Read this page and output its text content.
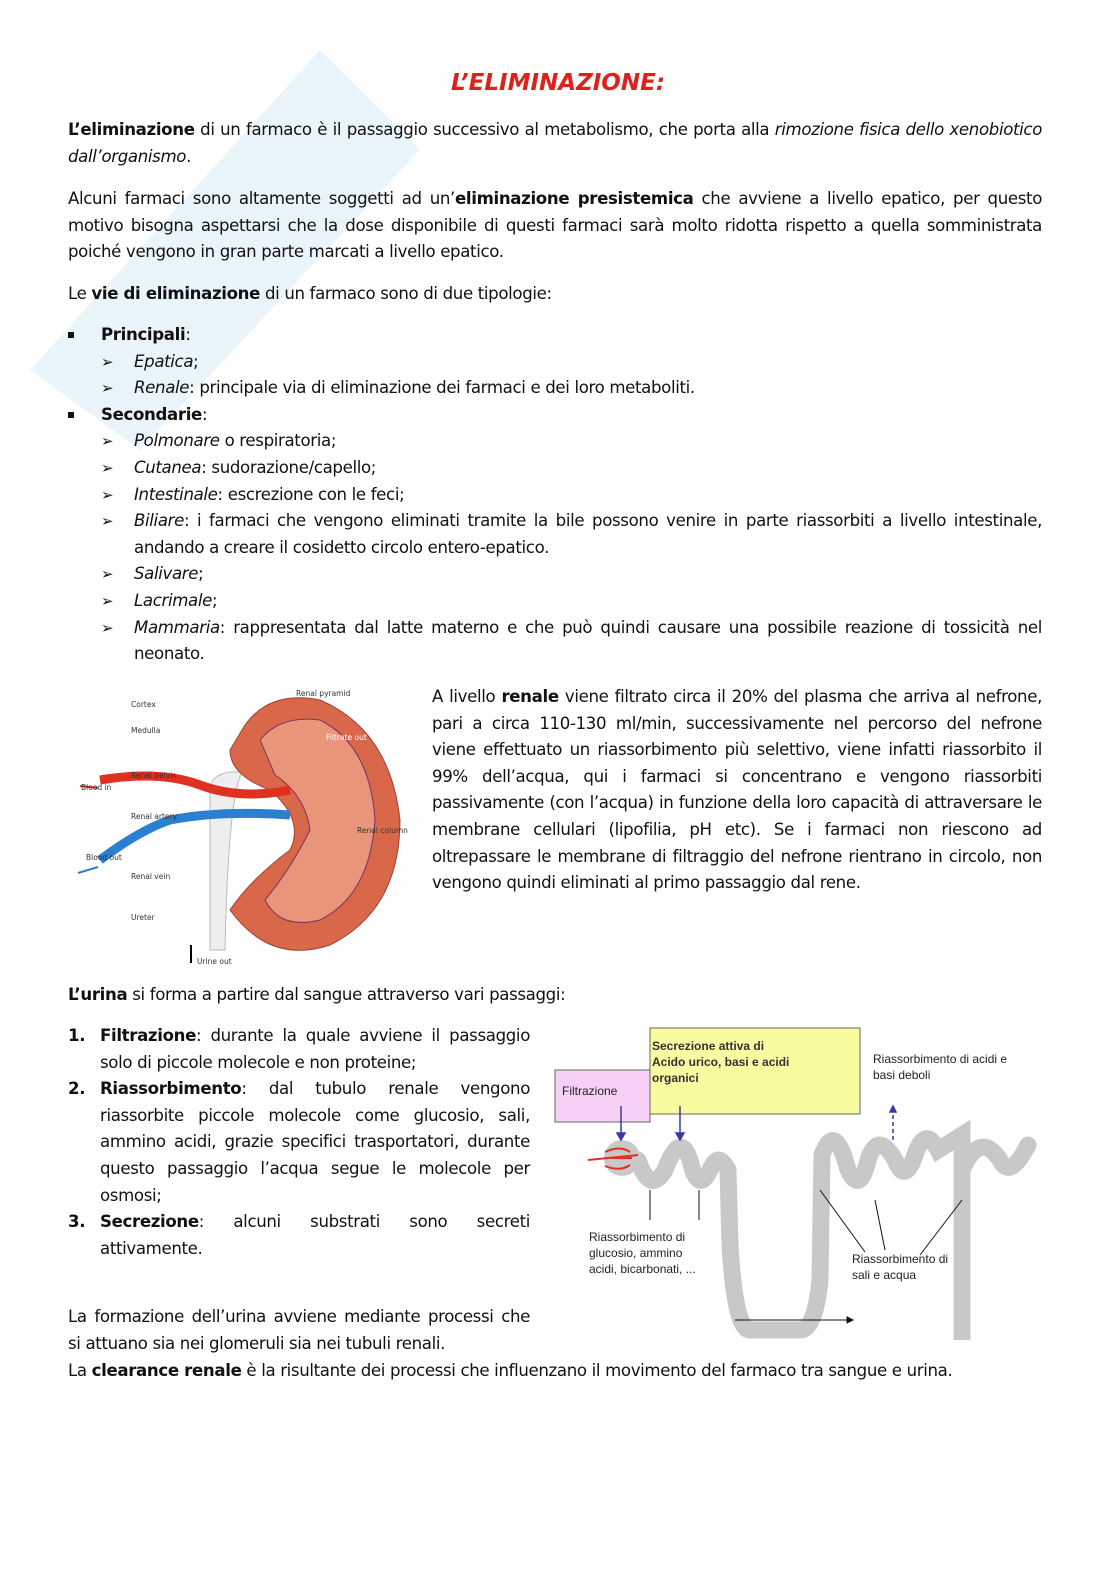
L’ELIMINAZIONE:

L’eliminazione di un farmaco è il passaggio successivo al metabolismo, che porta alla rimozione fisica dello xenobiotico dall’organismo.

Alcuni farmaci sono altamente soggetti ad un’eliminazione presistemica che avviene a livello epatico, per questo motivo bisogna aspettarsi che la dose disponibile di questi farmaci sarà molto ridotta rispetto a quella somministrata poiché vengono in gran parte marcati a livello epatico.

Le vie di eliminazione di un farmaco sono di due tipologie:

Principali:
➢ Epatica;
➢ Renale: principale via di eliminazione dei farmaci e dei loro metaboliti.
Secondarie:
➢ Polmonare o respiratoria;
➢ Cutanea: sudorazione/capello;
➢ Intestinale: escrezione con le feci;
➢ Biliare: i farmaci che vengono eliminati tramite la bile possono venire in parte riassorbiti a livello intestinale, andando a creare il cosidetto circolo entero-epatico.
➢ Salivare;
➢ Lacrimale;
➢ Mammaria: rappresentata dal latte materno e che può quindi causare una possibile reazione di tossicità nel neonato.
Cortex
Medulla
Renal pelvis
Blood in
Renal artery
Blood out
Renal vein
Ureter
Urine out
Renal pyramid
Renal column
Filtrate out

A livello renale viene filtrato circa il 20% del plasma che arriva al nefrone, pari a circa 110-130 ml/min, successivamente nel percorso del nefrone viene effettuato un riassorbimento più selettivo, viene infatti riassorbito il 99% dell’acqua, qui i farmaci si concentrano e vengono riassorbiti passivamente (con l’acqua) in funzione della loro capacità di attraversare le membrane cellulari (lipofilia, pH etc). Se i farmaci non riescono ad oltrepassare le membrane di filtraggio del nefrone rientrano in circolo, non vengono quindi eliminati al primo passaggio dal rene.

L’urina si forma a partire dal sangue attraverso vari passaggi:

1. Filtrazione: durante la quale avviene il passaggio solo di piccole molecole e non proteine;
2. Riassorbimento: dal tubulo renale vengono riassorbite piccole molecole come glucosio, sali, ammino acidi, grazie specifici trasportatori, durante questo passaggio l’acqua segue le molecole per osmosi;
3. Secrezione: alcuni substrati sono secreti attivamente.

La formazione dell’urina avviene mediante processi che si attuano sia nei glomeruli sia nei tubuli renali.

Filtrazione
Secrezione attiva di Acido urico, basi e acidi organici
Riassorbimento di acidi e basi deboli
Riassorbimento di glucosio, ammino acidi, bicarbonati, ...
Riassorbimento di sali e acqua

La clearance renale è la risultante dei processi che influenzano il movimento del farmaco tra sangue e urina.
